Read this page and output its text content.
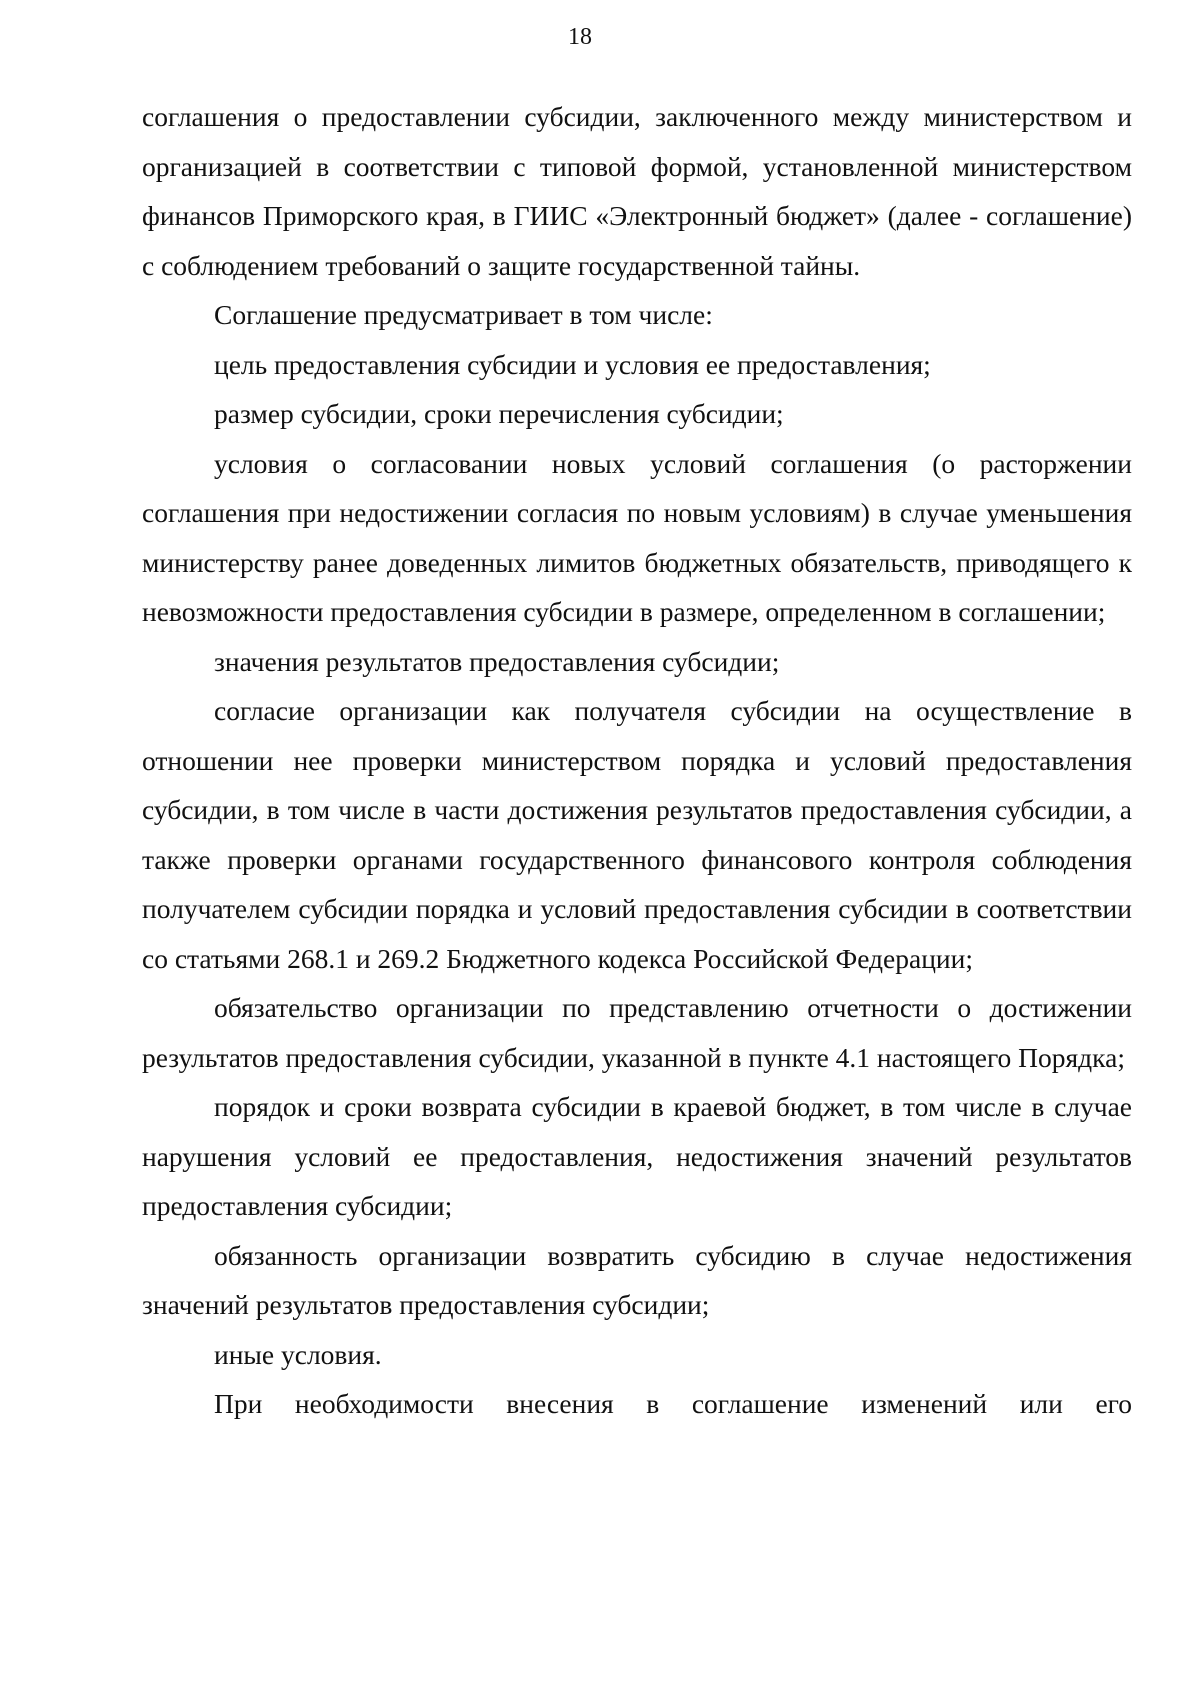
18

соглашения о предоставлении субсидии, заключенного между министерством и организацией в соответствии с типовой формой, установленной министерством финансов Приморского края, в ГИИС «Электронный бюджет» (далее - соглашение) с соблюдением требований о защите государственной тайны.

Соглашение предусматривает в том числе:

цель предоставления субсидии и условия ее предоставления;

размер субсидии, сроки перечисления субсидии;

условия о согласовании новых условий соглашения (о расторжении соглашения при недостижении согласия по новым условиям) в случае уменьшения министерству ранее доведенных лимитов бюджетных обязательств, приводящего к невозможности предоставления субсидии в размере, определенном в соглашении;

значения результатов предоставления субсидии;

согласие организации как получателя субсидии на осуществление в отношении нее проверки министерством порядка и условий предоставления субсидии, в том числе в части достижения результатов предоставления субсидии, а также проверки органами государственного финансового контроля соблюдения получателем субсидии порядка и условий предоставления субсидии в соответствии со статьями 268.1 и 269.2 Бюджетного кодекса Российской Федерации;

обязательство организации по представлению отчетности о достижении результатов предоставления субсидии, указанной в пункте 4.1 настоящего Порядка;

порядок и сроки возврата субсидии в краевой бюджет, в том числе в случае нарушения условий ее предоставления, недостижения значений результатов предоставления субсидии;

обязанность организации возвратить субсидию в случае недостижения значений результатов предоставления субсидии;

иные условия.

При необходимости внесения в соглашение изменений или его
